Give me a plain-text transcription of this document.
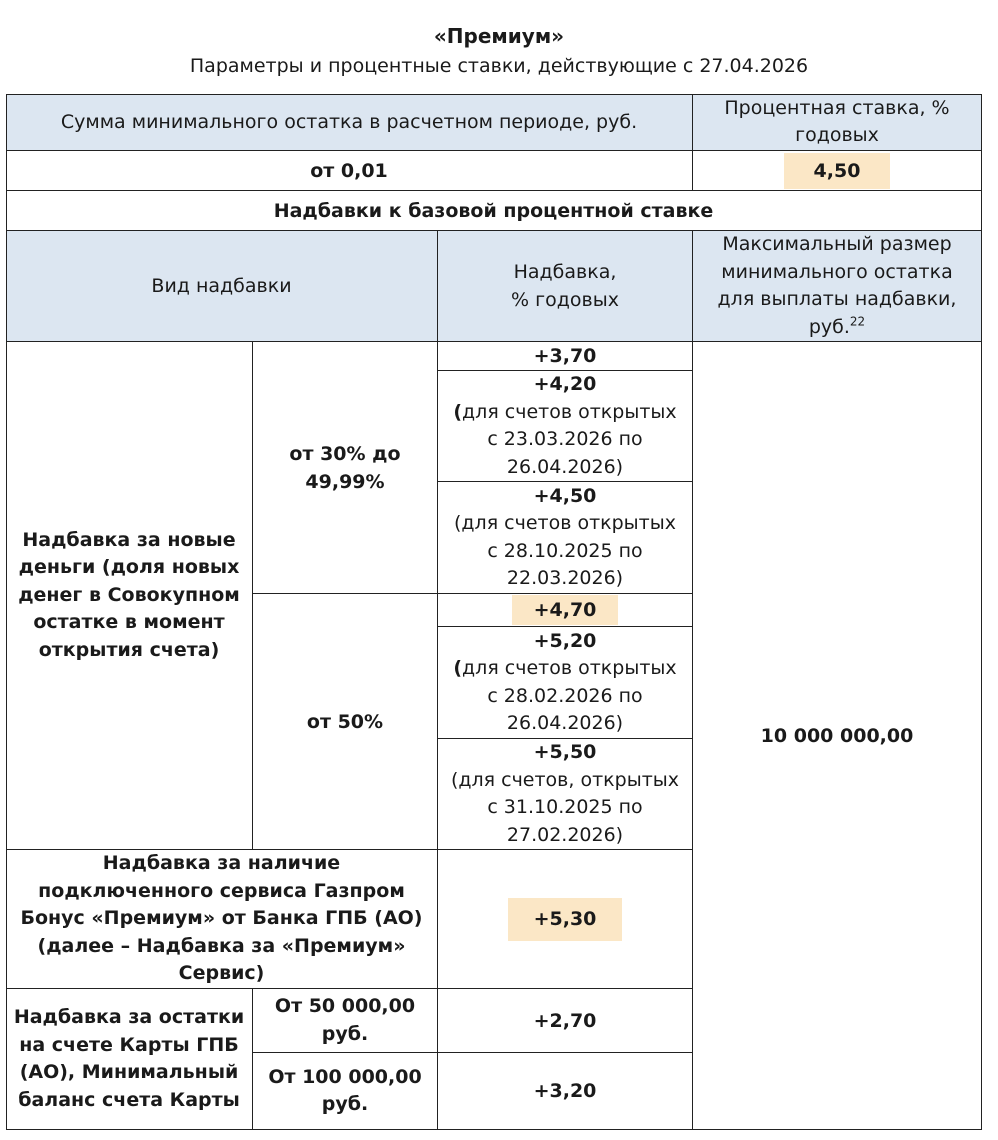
«Премиум»
Параметры и процентные ставки, действующие с 27.04.2026
Сумма минимального остатка в расчетном периоде, руб.
Процентная ставка, % годовых
от 0,01	4,50
Надбавки к базовой процентной ставке
Вид надбавки
Надбавка,
% годовых
Максимальный размер минимального остатка для выплаты надбавки, руб.$^{22}$
Надбавка за новые деньги (доля новых денег в Совокупном остатке в момент открытия счета)
от 30% до 49,99%
от 50%
+3,70
+4,20
(для счетов открытых с 23.03.2026 по 26.04.2026)
+4,50
(для счетов открытых с 28.10.2025 по 22.03.2026)
+4,70
+5,20
(для счетов открытых с 28.02.2026 по 26.04.2026)
+5,50
(для счетов, открытых с 31.10.2025 по 27.02.2026)
10 000 000,00
Надбавка за наличие подключенного сервиса Газпром Бонус «Премиум» от Банка ГПБ (АО) (далее – Надбавка за «Премиум» Сервис)
+5,30
Надбавка за остатки на счете Карты ГПБ (АО), Минимальный баланс счета Карты
От 50 000,00 руб.
+2,70
От 100 000,00 руб.
+3,20
